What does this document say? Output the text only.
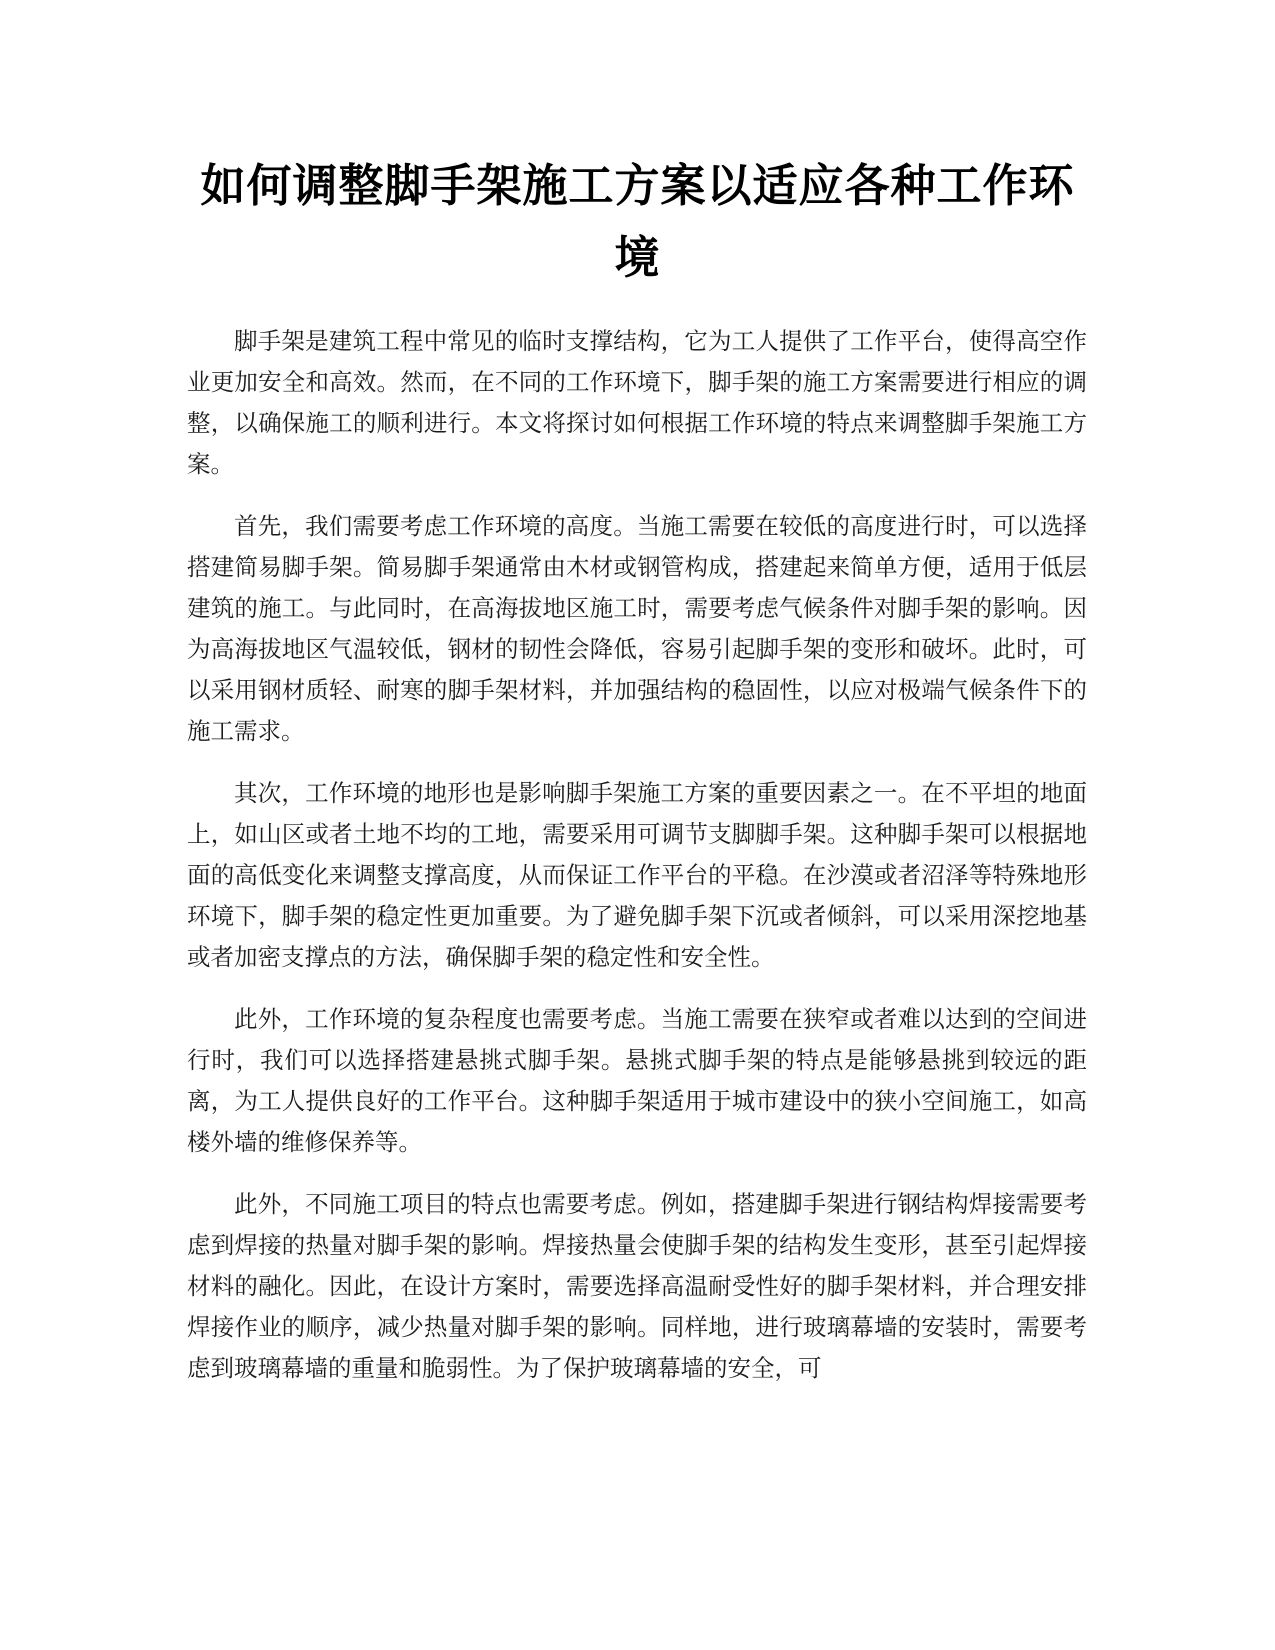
如何调整脚手架施工方案以适应各种工作环境

脚手架是建筑工程中常见的临时支撑结构，它为工人提供了工作平台，使得高空作业更加安全和高效。然而，在不同的工作环境下，脚手架的施工方案需要进行相应的调整，以确保施工的顺利进行。本文将探讨如何根据工作环境的特点来调整脚手架施工方案。

首先，我们需要考虑工作环境的高度。当施工需要在较低的高度进行时，可以选择搭建简易脚手架。简易脚手架通常由木材或钢管构成，搭建起来简单方便，适用于低层建筑的施工。与此同时，在高海拔地区施工时，需要考虑气候条件对脚手架的影响。因为高海拔地区气温较低，钢材的韧性会降低，容易引起脚手架的变形和破坏。此时，可以采用钢材质轻、耐寒的脚手架材料，并加强结构的稳固性，以应对极端气候条件下的施工需求。

其次，工作环境的地形也是影响脚手架施工方案的重要因素之一。在不平坦的地面上，如山区或者土地不均的工地，需要采用可调节支脚脚手架。这种脚手架可以根据地面的高低变化来调整支撑高度，从而保证工作平台的平稳。在沙漠或者沼泽等特殊地形环境下，脚手架的稳定性更加重要。为了避免脚手架下沉或者倾斜，可以采用深挖地基或者加密支撑点的方法，确保脚手架的稳定性和安全性。

此外，工作环境的复杂程度也需要考虑。当施工需要在狭窄或者难以达到的空间进行时，我们可以选择搭建悬挑式脚手架。悬挑式脚手架的特点是能够悬挑到较远的距离，为工人提供良好的工作平台。这种脚手架适用于城市建设中的狭小空间施工，如高楼外墙的维修保养等。

此外，不同施工项目的特点也需要考虑。例如，搭建脚手架进行钢结构焊接需要考虑到焊接的热量对脚手架的影响。焊接热量会使脚手架的结构发生变形，甚至引起焊接材料的融化。因此，在设计方案时，需要选择高温耐受性好的脚手架材料，并合理安排焊接作业的顺序，减少热量对脚手架的影响。同样地，进行玻璃幕墙的安装时，需要考虑到玻璃幕墙的重量和脆弱性。为了保护玻璃幕墙的安全，可
